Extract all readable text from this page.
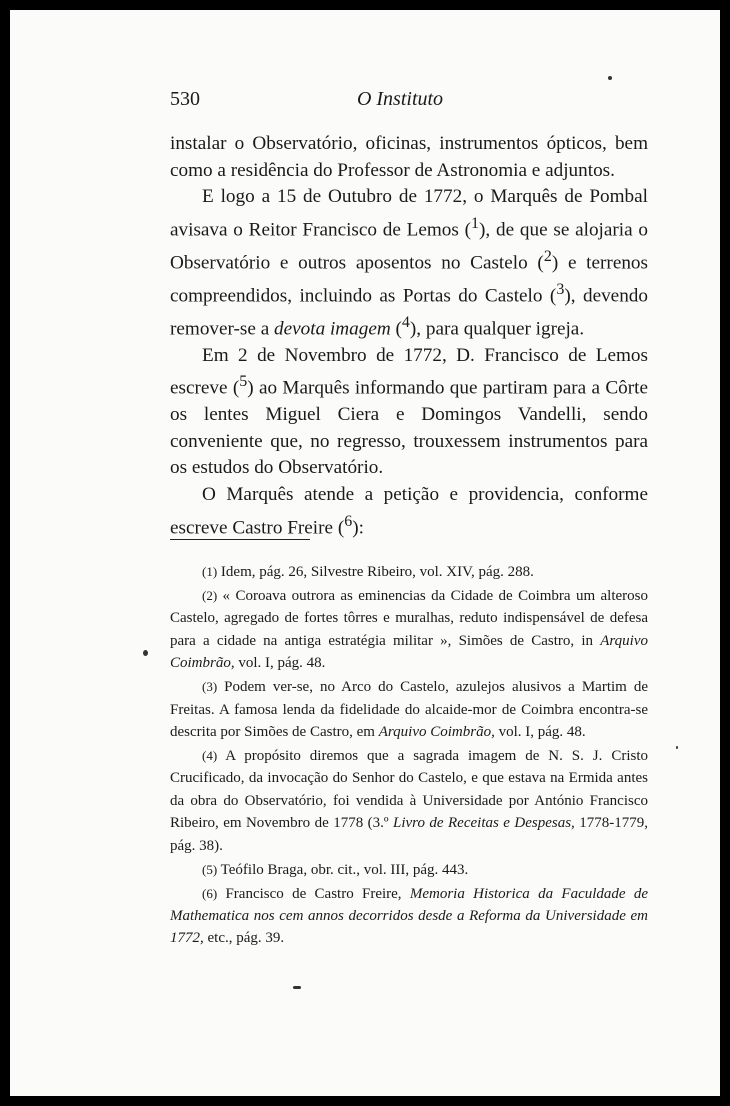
530	O Instituto

instalar o Observatório, oficinas, instrumentos ópticos, bem como a residência do Professor de Astronomia e adjuntos.

E logo a 15 de Outubro de 1772, o Marquês de Pombal avisava o Reitor Francisco de Lemos ($^1$), de que se alojaria o Observatório e outros aposentos no Castelo ($^2$) e terrenos compreendidos, incluindo as Portas do Castelo ($^3$), devendo remover-se a devota imagem ($^4$), para qualquer igreja.

Em 2 de Novembro de 1772, D. Francisco de Lemos escreve ($^5$) ao Marquês informando que partiram para a Côrte os lentes Miguel Ciera e Domingos Vandelli, sendo conveniente que, no regresso, trouxessem instrumentos para os estudos do Observatório.

O Marquês atende a petição e providencia, conforme escreve Castro Freire ($^6$):

(1) Idem, pág. 26, Silvestre Ribeiro, vol. XIV, pág. 288.

(2) « Coroava outrora as eminencias da Cidade de Coimbra um alteroso Castelo, agregado de fortes tôrres e muralhas, reduto indispensável de defesa para a cidade na antiga estratégia militar », Simões de Castro, in Arquivo Coimbrão, vol. I, pág. 48.

(3) Podem ver-se, no Arco do Castelo, azulejos alusivos a Martim de Freitas. A famosa lenda da fidelidade do alcaide-mor de Coimbra encontra-se descrita por Simões de Castro, em Arquivo Coimbrão, vol. I, pág. 48.

(4) A propósito diremos que a sagrada imagem de N. S. J. Cristo Crucificado, da invocação do Senhor do Castelo, e que estava na Ermida antes da obra do Observatório, foi vendida à Universidade por António Francisco Ribeiro, em Novembro de 1778 (3.º Livro de Receitas e Despesas, 1778-1779, pág. 38).

(5) Teófilo Braga, obr. cit., vol. III, pág. 443.

(6) Francisco de Castro Freire, Memoria Historica da Faculdade de Mathematica nos cem annos decorridos desde a Reforma da Universidade em 1772, etc., pág. 39.
